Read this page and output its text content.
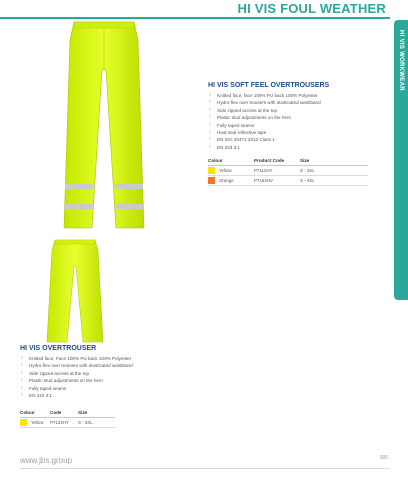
HI VIS FOUL WEATHER
HI VIS WORKWEAR
HI VIS SOFT FEEL OVERTROUSERS
› Knitted face, face 100% PU back 100% Polyester
› Hydro-flex over trousers with elasticated waistband
› Side zipped access at the top
› Plastic stud adjustments on the hem
› Fully taped seams
› Heat seal reflective tape
› EN ISO 20471:2013 Class 1
› EN 343 3:1
Colour	Product Code	Size
Yellow	P7112HY	S - 4XL
Orange	P7164HV	S - 4XL
HI VIS OVERTROUSER
› Knitted face, Face 100% PU back 100% Polyester
› Hydro-flex over trousers with elasticated waistband
› Side zipped access at the top
› Plastic stud adjustments on the hem
› Fully taped seams
› EN 343 3:1
Colour	Code	Size
Yellow P7134HY	S - 3XL
www.jbs.group	085
